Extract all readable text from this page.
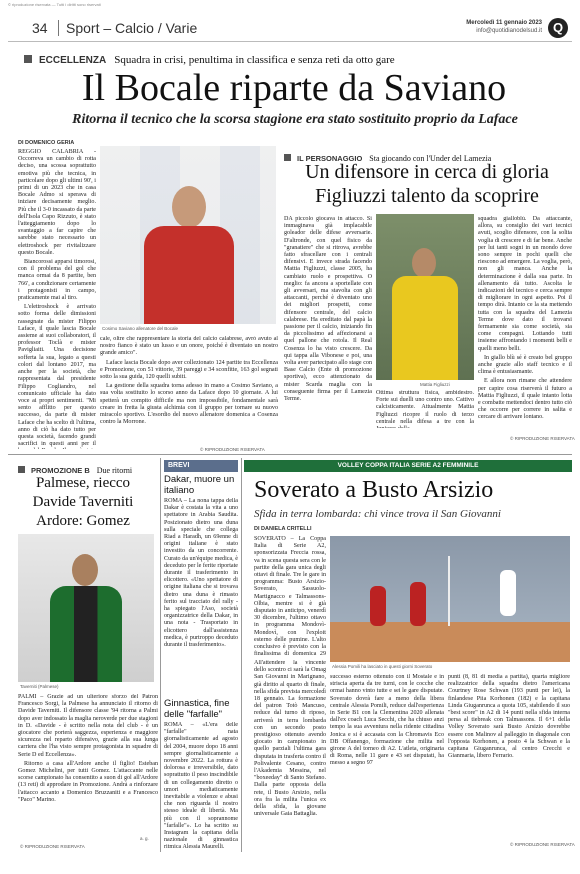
© riproduzione riservata — Tutti i diritti sono riservati
34 Sport – Calcio / Varie	Mercoledì 11 gennaio 2023
info@quotidianodelsud.it Q
ECCELLENZA Squadra in crisi, penultima in classifica e senza reti da otto gare
Il Bocale riparte da Saviano
Ritorna il tecnico che la scorsa stagione era stato sostituito proprio da Laface
DI DOMENICO GERIA

REGGIO CALABRIA - Occorreva un cambio di rotta deciso, una scossa soprattutto emotiva più che tecnica, in particolare dopo gli ultimi 90', i primi di un 2023 che in casa Bocale Admo si sperava di iniziare decisamente meglio. Più che il 3-0 incassato da parte dell'Isola Capo Rizzuto, è stato l'atteggiamento dopo lo svantaggio a far capire che sarebbe stato necessario un elettroshock per rivitalizzare questo Bocale.

Biancorossi apparsi timorosi, con il problema del gol che manca ormai da 8 partite, ben 766', a condizionare certamente i protagonisti in campo, praticamente mai al tiro.

L'elettroshock è arrivato sotto forma delle dimissioni rassegnate da mister Filippo Laface, il quale lascia Bocale assieme ai suoi collaboratori, il professor Toclà e mister Pavigliaiti. Una decisione sofferta la sua, legato a questi colori dal lontano 2017, ma anche per la società, che rappresentata dal presidente Filippo Cogliandro, nel comunicato ufficiale ha dato voce ai propri sentimenti. "Mi sento afflitto per questo successo, da parte di mister Laface che ha scelto di l'ultima, anno di ciò ha dato tutto per questa società, facendo grandi sacrifici in questi anni per il

Cosimo Saviano allenatore del Bocale

cale, oltre che rappresentare la storia del calcio calabrese, avrò avuto al nostro fianco è stato un lusso e un onore, poiché è diventato un nostro grande amico".

Laface lascia Bocale dopo aver collezionato 124 partite tra Eccellenza e Promozione, con 51 vittorie, 39 pareggi e 34 sconfitte, 163 gol segnati sotto la sua guida, 120 quelli subiti.

La gestione della squadra torna adesso in mano a Cosimo Saviano, a sua volta sostituito lo scorso anno da Laface dopo 10 giornate. A lui spetterà un compito difficile ma non impossibile, fondamentale sarà creare in fretta la giusta alchimia con il gruppo per tornare su nuovo miracolo sportivo. L'esordio del nuovo allenatore domenica a Cosenza contro la Morrone.

© RIPRODUZIONE RISERVATA
IL PERSONAGGIO Sta giocando con l'Under del Lamezia
Un difensore in cerca di gloria
Figliuzzi talento da scoprire

DA piccolo giocava in attacco. Si immaginava già implacabile goleador delle difese avversarie. D'altronde, con quel fisico da "granatiere" che si ritrova, avrebbe fatto sfracellare con i centrali difensivi. E invece strada facendo Mattia Figliuzzi, classe 2005, ha cambiato ruolo e prospettiva. O meglio: fa ancora a sportellate con gli avversari, ma stavolta con gli attaccanti, perché è diventato uno dei migliori prospetti, come difensore centrale, del calcio calabrese. Ha ereditato dal papà la passione per il calcio, iniziando fin da piccolissimo ad affezionarsi a quel pallone che rotola. Il Real Cosenza lo ha visto crescere. Da qui tappa alla Vibonese e poi, una volta aver partecipato allo stage con Base Calcio (Ente di promozione sportiva), ecco attenzionato da mister Scarda maglia con la conseguente firma per il Lamezia Terme.

Mattia Figliuzzi

Ottima struttura fisica, ambidestro. Forte sui duelli uno contro uno. Cattivo calcisticamente. Attualmente Mattia Figliuzzi ricopre il ruolo di terzo centrale nella difesa a tre con la

squadra gialloblù. Da attaccante, allora, su consiglio dei vari tecnici avuti, scoglio difensore, con la solita voglia di crescere e di far bene. Anche per lui tanti sogni in un mondo dove sono sempre in pochi quelli che riescono ad emergere. La voglia, però, non gli manca. Anche la determinazione è dalla sua parte. In allenamento dà tutto. Ascolta le indicazioni del tecnico e cerca sempre di migliorare in ogni aspetto. Poi il tempo dirà. Intanto ce la sta mettendo tutta con la squadra del Lamezia Terme dove dato il trovarsi fermamente sia come società, sia come compagni. Lottando tutti insieme affrontando i momenti belli e quelli meno belli.

In giallo blù sé è creato bel gruppo anche grazie allo staff tecnico e il clima è entusiasmante.

E allora non rimane che attendere per capire cosa riserverà il futuro a Mattia Figliuzzi, il quale intanto lotta e combatte mettendoci dentro tutto ciò che occorre per correre in salita e cercare di arrivare lontano.

© RIPRODUZIONE RISERVATA
PROMOZIONE B Due ritorni
Palmese, riecco Davide Taverniti Ardore: Gomez
Taverniti (Palmese)

PALMI – Grazie ad un ulteriore sforzo del Patron Francesco Sorgi, la Palmese ha annunciato il ritorno di Davide Taverniti. Il difensore classe '94 ritorna a Palmi dopo aver indossato la maglia neroverde per due stagioni in D. «Davide - è scritto nella nota del club - è un giocatore che porterà saggezza, esperienza e maggiore sicurezza nel reparto difensivo, grazie alla sua lunga carriera che l'ha visto sempre protagonista in squadre di Serie D ed Eccellenza».

Ritorno a casa all'Ardore anche il figlio! Esteban Gomez Michelini, per tutti Gomez. L'attaccante nelle scorse campionato ha consentito a suon di gol all'Ardore (13 reti) di approdare in Promozione. Andrà a rinforzare l'attacco accanto a Domenico Bruzzaniti e a Francesco "Paco" Marino.

a. g.
© RIPRODUZIONE RISERVATA
BREVI
Dakar, muore un italiano
ROMA – La nona tappa della Dakar è costata la vita a uno spettatore in Arabia Saudita. Posizionato dietro una duna sulla speciale che collega Riad a Haradh, un 69enne di origini italiane è stato investito da un concorrente. Curato da un'équipe medica, è deceduto per le ferite riportate durante il trasferimento in elicottero. «Uno spettatore di origine italiana che si trovava dietro una duna è rimasto ferito sul tracciato del rally - ha spiegato l'Aso, società organizzatrice della Dakar, in una nota - Trasportato in elicottero dall'assistenza medica, è purtroppo deceduto durante il trasferimento».
Ginnastica, fine delle "farfalle"
ROMA – «L'era delle "farfalle" nata giornalisticamente ad agosto del 2004, muore dopo 18 anni sempre giornalisticamente a novembre 2022. La rottura è dolorosa e irreversibile, dato soprattutto il peso inscindibile di un collegamento diretto o umori mediaticamente inevitabile a violenze e abusi che non riguarda il nostro stesso ideale di libertà. Ma più con il soprannome "farfalle"». Lo ha scritto su Instagram la capitana della nazionale di ginnastica ritmica Alessia Maurelli.
VOLLEY COPPA ITALIA SERIE A2 FEMMINILE
Soverato a Busto Arsizio
Sfida in terra lombarda: chi vince trova il San Giovanni
DI DANIELA CRITELLI

SOVERATO – La Coppa Italia di Serie A2, sponsorizzata Freccia rossa, va in scena questa sera con le partite della gara unica degli ottavi di finale. Tre le gare in programma: Busto Arsizio-Soverato, Sassuolo-Martignacco e Talmassons-Olbia, mentre si è già disputato in anticipo, venerdì 30 dicembre, l'ultimo ottavo in programma Mondovì-Mondovì, con l'exploit esterno delle pumine. L'alto conclusivo è previsto con la finalissima di domenica 29

Alessia Pomili ha lasciato in questi giorni Soverato

All'attendere la vincente dello scontro ci sarà la Omag San Giovanni in Marignano, già diritto al quarto di finale, nella sfida prevista mercoledì 18 gennaio. La formazione del patron Totò Mancuso, reduce dal turno di riposo, arriverà in terra lombarda con un secondo posto prestigioso ottenuto avendo giocato in campionato in quello parziali l'ultima gara disputata in trasferta contro il Polivalente Cesano, contro l'Akademia Messina, nel "boxeeday" di Santo Stefano. Dalla parte opposta della rete, il Busto Arsizio, nella ora fra la milita l'unica ex della sfida, la giovane universale Gaia Battaglia.

successo esterno ottenuto con il Mostale e in striscia aperta da tre turni, con le cocche che ormai hanno vinto tutte e sei le gare disputate. Soverato dovrà fare a meno della libera centrale Alessia Pomili, reduce dall'esperienza in Serie B1 con la Clementina 2020 allenata dall'ex coach Luca Secchi, che ha chiuso anzi tempo la sua avventura nella ridente cittadina Jonica e si è accasata con la Chromavis Eco DB Offanengo, formazione che milita nel girone A del torneo di A2. L'atleta, originaria di Roma, nelle 11 gare e 43 set disputati, ha messo a segno 97

punti (8, 81 di media a partita), quarta migliore realizzatrice della squadra dietro l'americana Courtney Rose Schwan (193 punti per lei), la finlandese Piia Korhonen (182) e la capitana Linda Giuganrunca a quota 105, stabilendo il suo "best score" in A2 di 14 punti nella sfida interna persa al tiebreak con Talmassons. Il 6+1 della Volley Soverato sarà Busto Arsizio dovrebbe essere con Malinov al palleggio in diagonale con l'opposta Korhonen, a posto 4 la Schwan e la capitana Giuganrunca, al centro Crecchi e Gianmaria, libero Ferrario.

© RIPRODUZIONE RISERVATA
